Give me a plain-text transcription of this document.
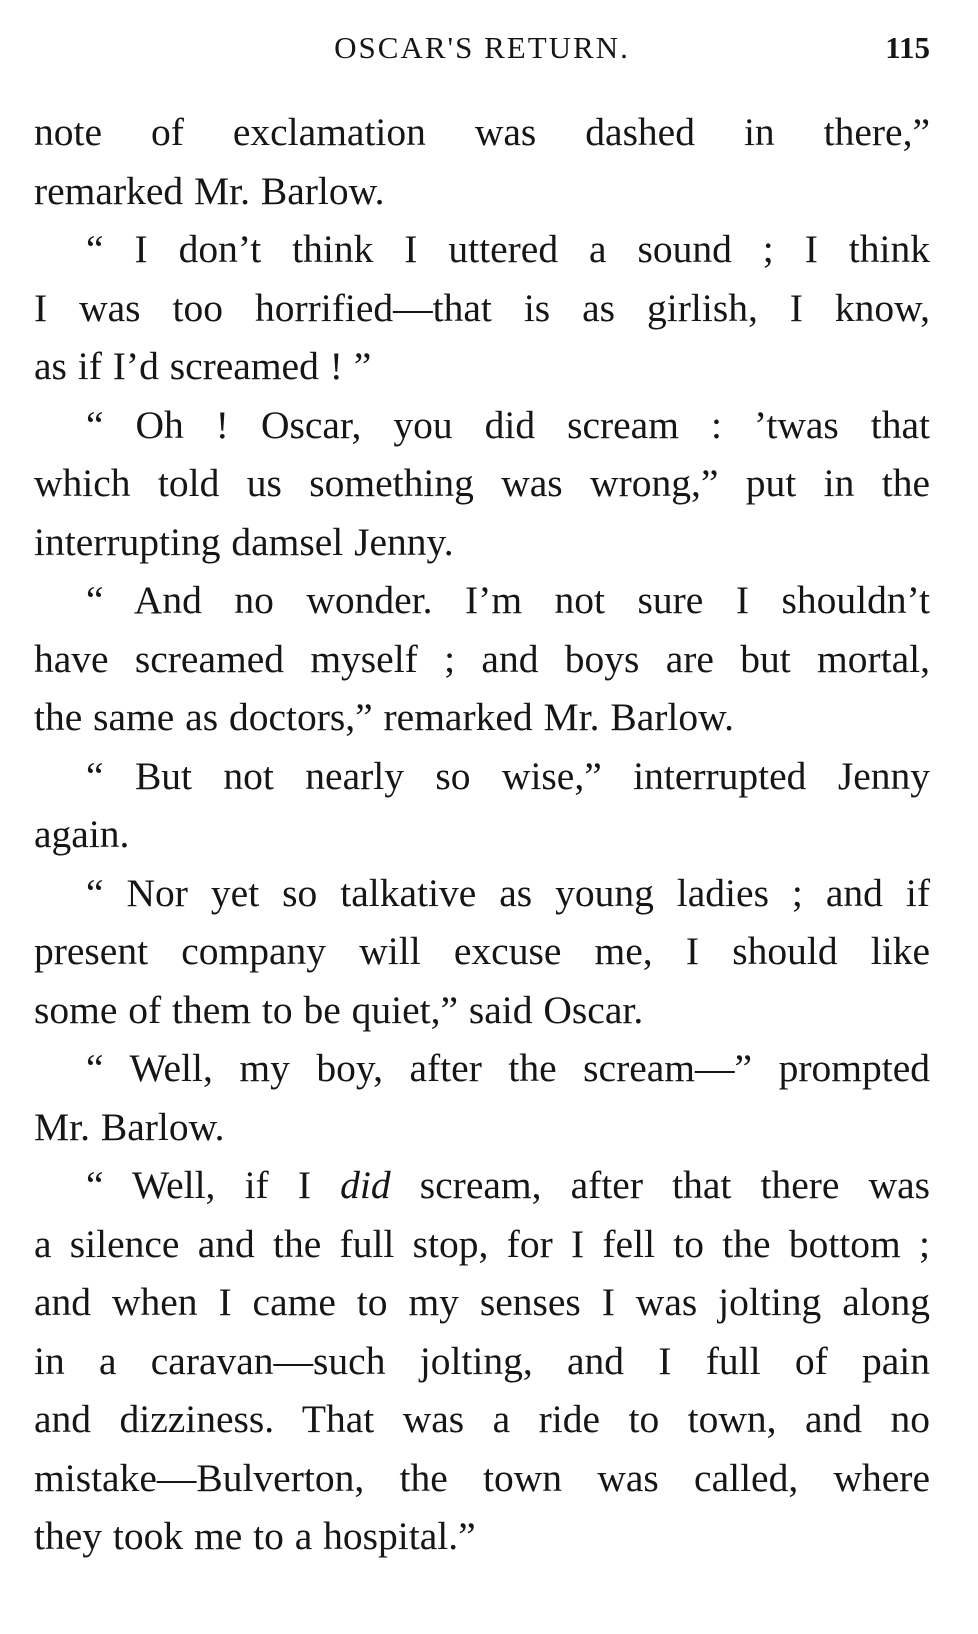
OSCAR'S RETURN.	115
note of exclamation was dashed in there,”
remarked Mr. Barlow.
“ I don’t think I uttered a sound ; I think
I was too horrified—that is as girlish, I know,
as if I’d screamed ! ”
“ Oh ! Oscar, you did scream : ’twas that
which told us something was wrong,” put in the
interrupting damsel Jenny.
“ And no wonder. I’m not sure I shouldn’t
have screamed myself ; and boys are but mortal,
the same as doctors,” remarked Mr. Barlow.
“ But not nearly so wise,” interrupted Jenny
again.
“ Nor yet so talkative as young ladies ; and if
present company will excuse me, I should like
some of them to be quiet,” said Oscar.
“ Well, my boy, after the scream—” prompted
Mr. Barlow.
“ Well, if I did scream, after that there was
a silence and the full stop, for I fell to the bottom ;
and when I came to my senses I was jolting along
in a caravan—such jolting, and I full of pain
and dizziness. That was a ride to town, and no
mistake—Bulverton, the town was called, where
they took me to a hospital.”
